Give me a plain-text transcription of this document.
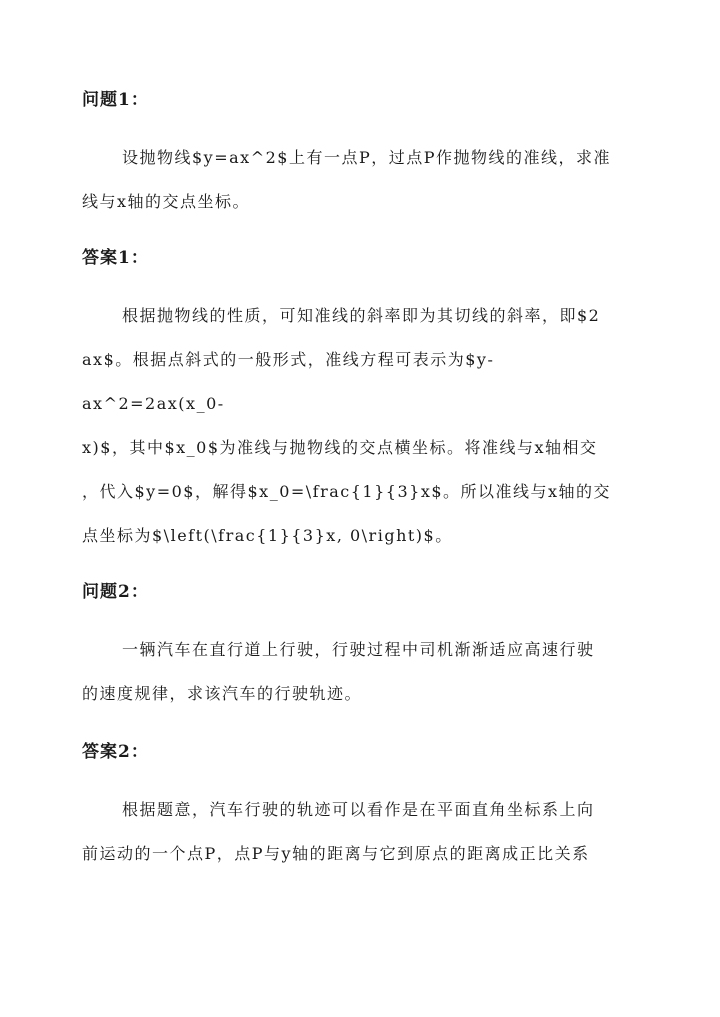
问题1：
设抛物线$y=ax^2$上有一点P，过点P作抛物线的准线，求准
线与x轴的交点坐标。
答案1：
根据抛物线的性质，可知准线的斜率即为其切线的斜率，即$2
ax$。根据点斜式的一般形式，准线方程可表示为$y-
ax^2=2ax(x_0-
x)$，其中$x_0$为准线与抛物线的交点横坐标。将准线与x轴相交
，代入$y=0$，解得$x_0=\frac{1}{3}x$。所以准线与x轴的交
点坐标为$\left(\frac{1}{3}x, 0\right)$。
问题2：
一辆汽车在直行道上行驶，行驶过程中司机渐渐适应高速行驶
的速度规律，求该汽车的行驶轨迹。
答案2：
根据题意，汽车行驶的轨迹可以看作是在平面直角坐标系上向
前运动的一个点P，点P与y轴的距离与它到原点的距离成正比关系
